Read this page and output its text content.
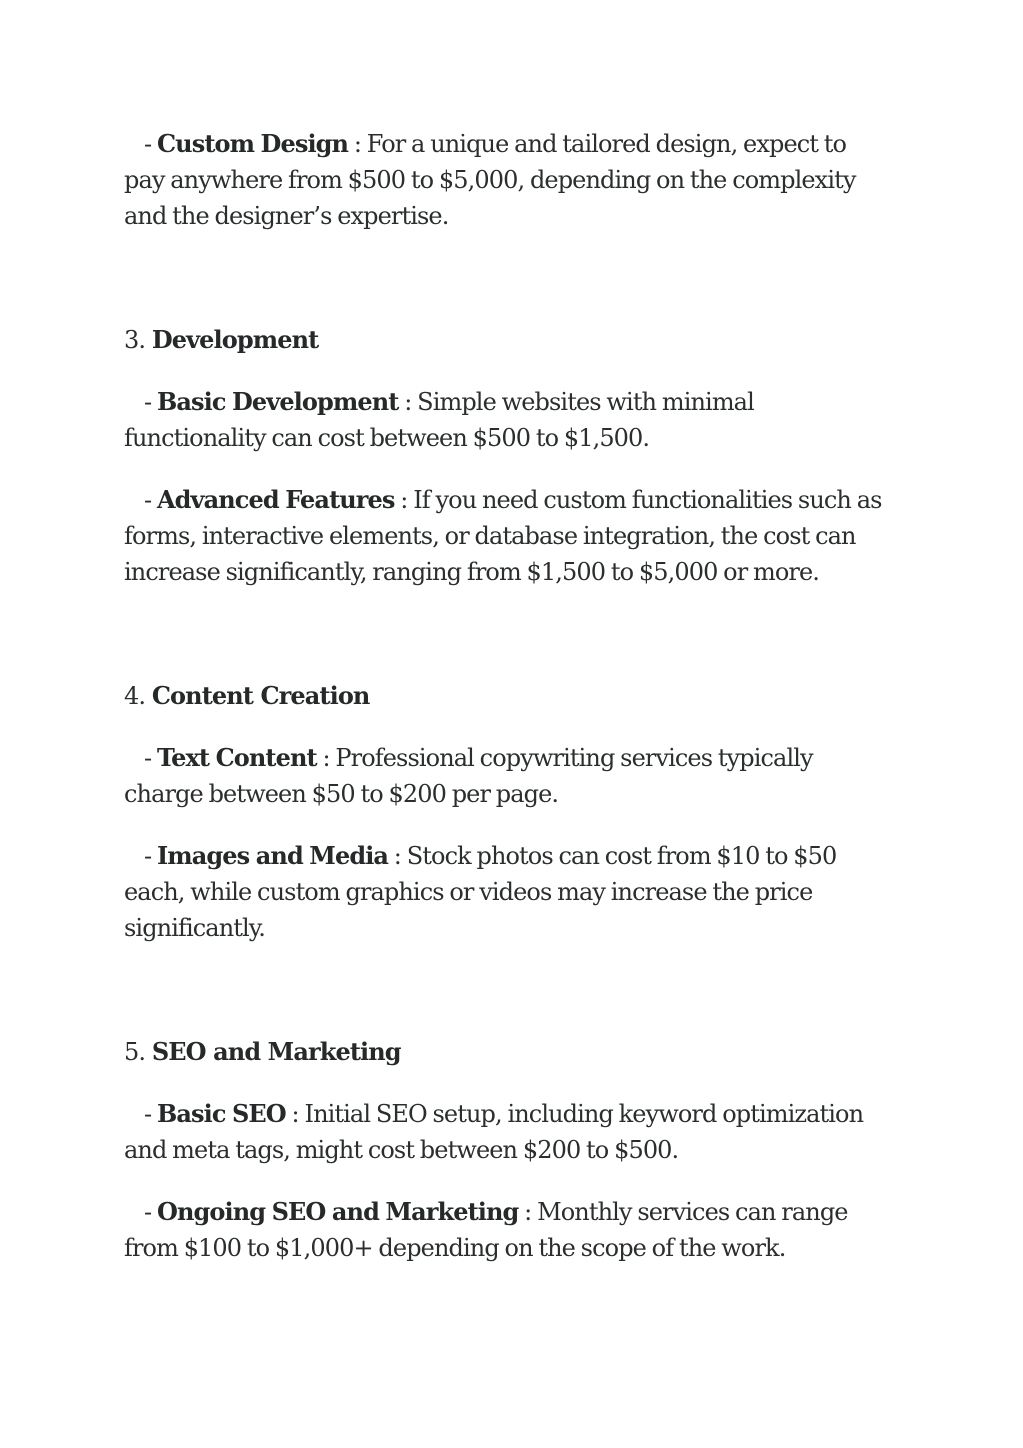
- Custom Design : For a unique and tailored design, expect to pay anywhere from $500 to $5,000, depending on the complexity and the designer’s expertise.
3. Development
- Basic Development : Simple websites with minimal functionality can cost between $500 to $1,500.
- Advanced Features : If you need custom functionalities such as forms, interactive elements, or database integration, the cost can increase significantly, ranging from $1,500 to $5,000 or more.
4. Content Creation
- Text Content : Professional copywriting services typically charge between $50 to $200 per page.
- Images and Media : Stock photos can cost from $10 to $50 each, while custom graphics or videos may increase the price significantly.
5. SEO and Marketing
- Basic SEO : Initial SEO setup, including keyword optimization and meta tags, might cost between $200 to $500.
- Ongoing SEO and Marketing : Monthly services can range from $100 to $1,000+ depending on the scope of the work.
